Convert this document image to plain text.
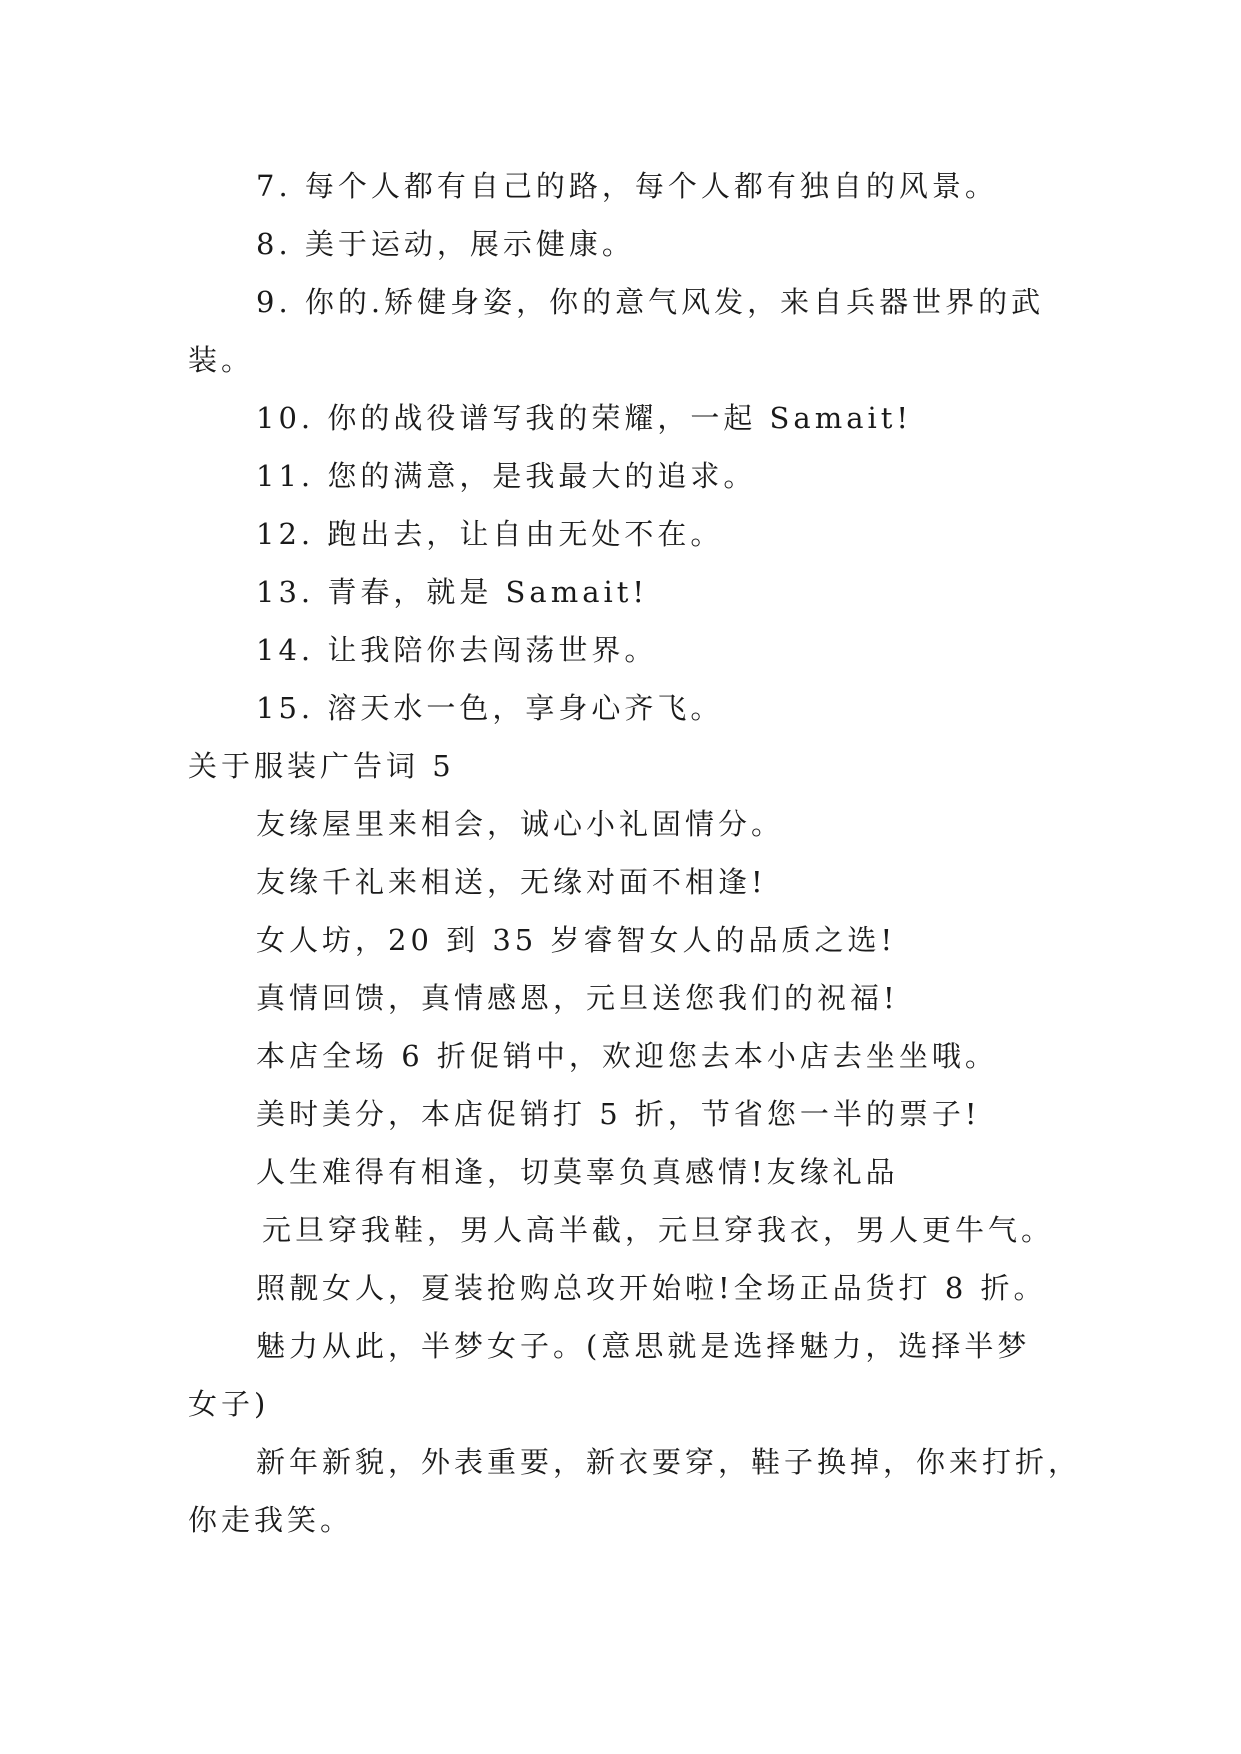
7. 每个人都有自己的路，每个人都有独自的风景。
8. 美于运动，展示健康。
9. 你的.矫健身姿，你的意气风发，来自兵器世界的武
装。
10. 你的战役谱写我的荣耀，一起 Samait!
11. 您的满意，是我最大的追求。
12. 跑出去，让自由无处不在。
13. 青春，就是 Samait!
14. 让我陪你去闯荡世界。
15. 溶天水一色，享身心齐飞。
关于服装广告词 5
友缘屋里来相会，诚心小礼固情分。
友缘千礼来相送，无缘对面不相逢!
女人坊，20 到 35 岁睿智女人的品质之选!
真情回馈，真情感恩，元旦送您我们的祝福!
本店全场 6 折促销中，欢迎您去本小店去坐坐哦。
美时美分，本店促销打 5 折，节省您一半的票子!
人生难得有相逢，切莫辜负真感情!友缘礼品
元旦穿我鞋，男人高半截，元旦穿我衣，男人更牛气。
照靓女人，夏装抢购总攻开始啦!全场正品货打 8 折。
魅力从此，半梦女子。(意思就是选择魅力，选择半梦
女子)
新年新貌，外表重要，新衣要穿，鞋子换掉，你来打折，
你走我笑。
